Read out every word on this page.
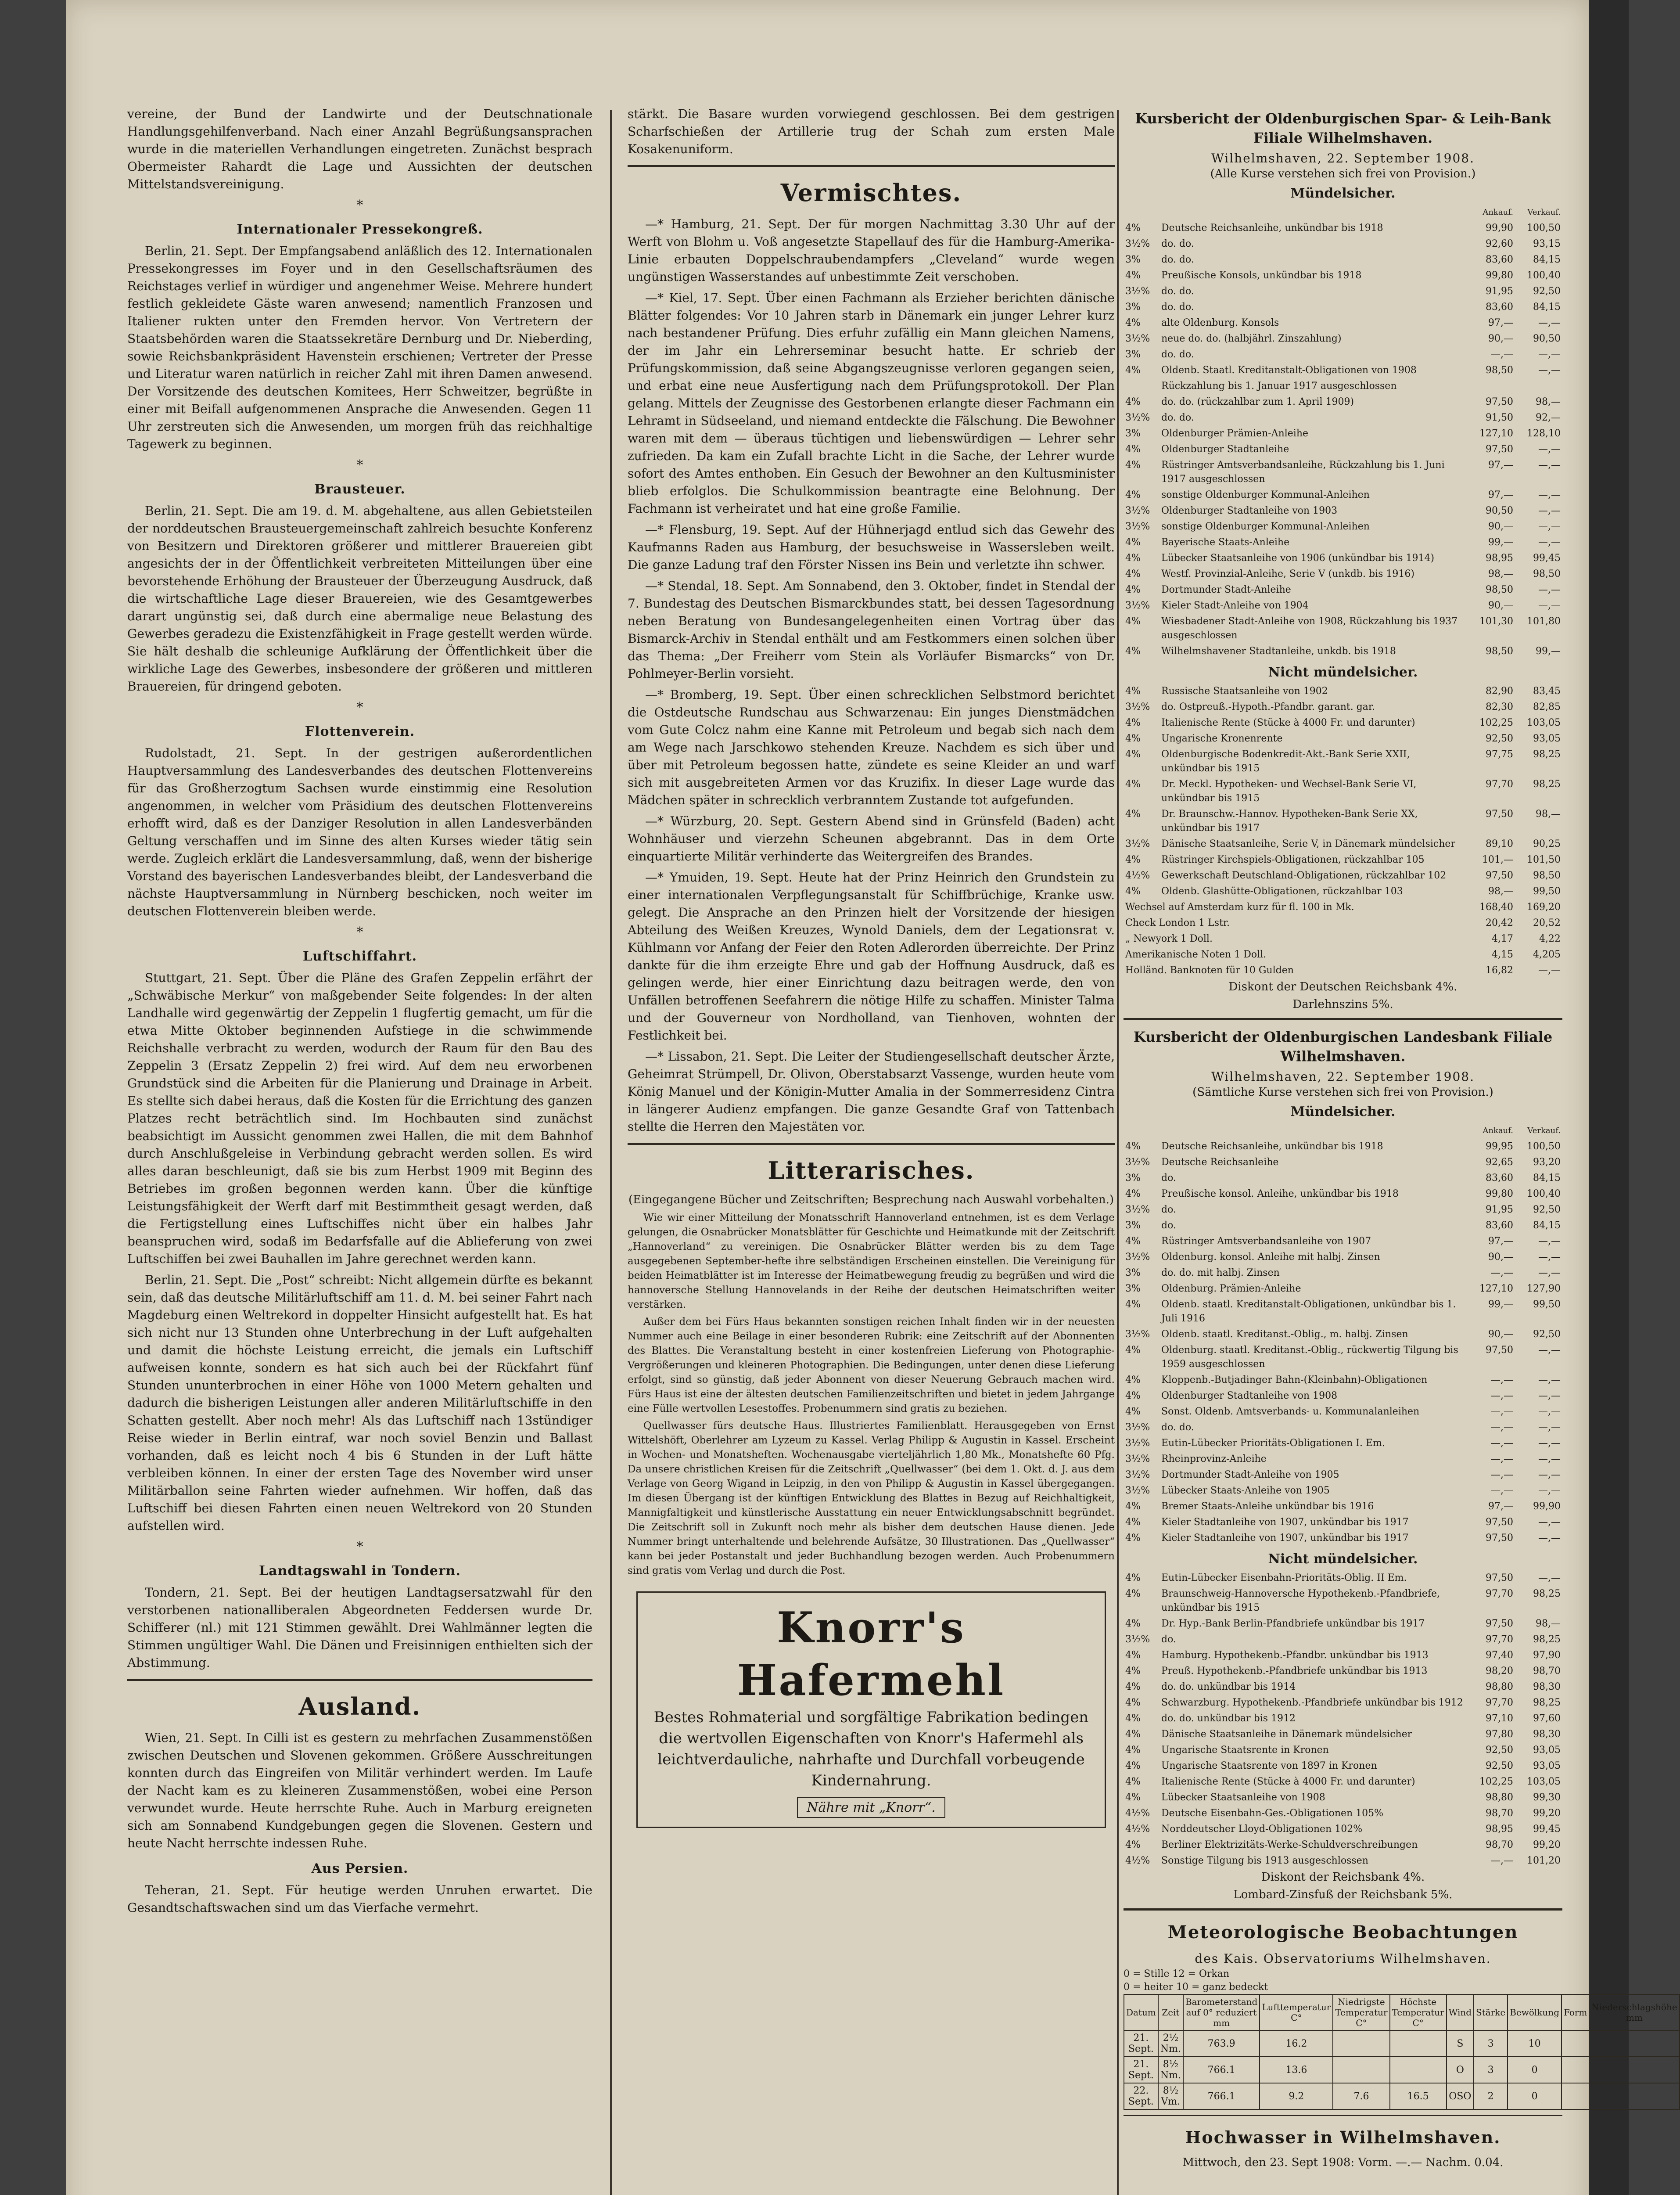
vereine, der Bund der Landwirte und der Deutschnationale Handlungsgehilfenverband. Nach einer Anzahl Begrüßungsansprachen wurde in die materiellen Verhandlungen eingetreten. Zunächst besprach Obermeister Rahardt die Lage und Aussichten der deutschen Mittelstandsvereinigung.

*
Internationaler Pressekongreß.

Berlin, 21. Sept. Der Empfangsabend anläßlich des 12. Internationalen Pressekongresses im Foyer und in den Gesellschaftsräumen des Reichstages verlief in würdiger und angenehmer Weise. Mehrere hundert festlich gekleidete Gäste waren anwesend; namentlich Franzosen und Italiener rukten unter den Fremden hervor. Von Vertretern der Staatsbehörden waren die Staatssekretäre Dernburg und Dr. Nieberding, sowie Reichsbankpräsident Havenstein erschienen; Vertreter der Presse und Literatur waren natürlich in reicher Zahl mit ihren Damen anwesend. Der Vorsitzende des deutschen Komitees, Herr Schweitzer, begrüßte in einer mit Beifall aufgenommenen Ansprache die Anwesenden. Gegen 11 Uhr zerstreuten sich die Anwesenden, um morgen früh das reichhaltige Tagewerk zu beginnen.

*
Brausteuer.

Berlin, 21. Sept. Die am 19. d. M. abgehaltene, aus allen Gebietsteilen der norddeutschen Brausteuergemeinschaft zahlreich besuchte Konferenz von Besitzern und Direktoren größerer und mittlerer Brauereien gibt angesichts der in der Öffentlichkeit verbreiteten Mitteilungen über eine bevorstehende Erhöhung der Brausteuer der Überzeugung Ausdruck, daß die wirtschaftliche Lage dieser Brauereien, wie des Gesamtgewerbes darart ungünstig sei, daß durch eine abermalige neue Belastung des Gewerbes geradezu die Existenzfähigkeit in Frage gestellt werden würde. Sie hält deshalb die schleunige Aufklärung der Öffentlichkeit über die wirkliche Lage des Gewerbes, insbesondere der größeren und mittleren Brauereien, für dringend geboten.

*
Flottenverein.

Rudolstadt, 21. Sept. In der gestrigen außerordentlichen Hauptversammlung des Landesverbandes des deutschen Flottenvereins für das Großherzogtum Sachsen wurde einstimmig eine Resolution angenommen, in welcher vom Präsidium des deutschen Flottenvereins erhofft wird, daß es der Danziger Resolution in allen Landesverbänden Geltung verschaffen und im Sinne des alten Kurses wieder tätig sein werde. Zugleich erklärt die Landesversammlung, daß, wenn der bisherige Vorstand des bayerischen Landesverbandes bleibt, der Landesverband die nächste Hauptversammlung in Nürnberg beschicken, noch weiter im deutschen Flottenverein bleiben werde.

*
Luftschiffahrt.

Stuttgart, 21. Sept. Über die Pläne des Grafen Zeppelin erfährt der „Schwäbische Merkur“ von maßgebender Seite folgendes: In der alten Landhalle wird gegenwärtig der Zeppelin 1 flugfertig gemacht, um für die etwa Mitte Oktober beginnenden Aufstiege in die schwimmende Reichshalle verbracht zu werden, wodurch der Raum für den Bau des Zeppelin 3 (Ersatz Zeppelin 2) frei wird. Auf dem neu erworbenen Grundstück sind die Arbeiten für die Planierung und Drainage in Arbeit. Es stellte sich dabei heraus, daß die Kosten für die Errichtung des ganzen Platzes recht beträchtlich sind. Im Hochbauten sind zunächst beabsichtigt im Aussicht genommen zwei Hallen, die mit dem Bahnhof durch Anschlußgeleise in Verbindung gebracht werden sollen. Es wird alles daran beschleunigt, daß sie bis zum Herbst 1909 mit Beginn des Betriebes im großen begonnen werden kann. Über die künftige Leistungsfähigkeit der Werft darf mit Bestimmtheit gesagt werden, daß die Fertigstellung eines Luftschiffes nicht über ein halbes Jahr beanspruchen wird, sodaß im Bedarfsfalle auf die Ablieferung von zwei Luftschiffen bei zwei Bauhallen im Jahre gerechnet werden kann.

Berlin, 21. Sept. Die „Post“ schreibt: Nicht allgemein dürfte es bekannt sein, daß das deutsche Militärluftschiff am 11. d. M. bei seiner Fahrt nach Magdeburg einen Weltrekord in doppelter Hinsicht aufgestellt hat. Es hat sich nicht nur 13 Stunden ohne Unterbrechung in der Luft aufgehalten und damit die höchste Leistung erreicht, die jemals ein Luftschiff aufweisen konnte, sondern es hat sich auch bei der Rückfahrt fünf Stunden ununterbrochen in einer Höhe von 1000 Metern gehalten und dadurch die bisherigen Leistungen aller anderen Militärluftschiffe in den Schatten gestellt. Aber noch mehr! Als das Luftschiff nach 13stündiger Reise wieder in Berlin eintraf, war noch soviel Benzin und Ballast vorhanden, daß es leicht noch 4 bis 6 Stunden in der Luft hätte verbleiben können. In einer der ersten Tage des November wird unser Militärballon seine Fahrten wieder aufnehmen. Wir hoffen, daß das Luftschiff bei diesen Fahrten einen neuen Weltrekord von 20 Stunden aufstellen wird.

*
Landtagswahl in Tondern.

Tondern, 21. Sept. Bei der heutigen Landtagsersatzwahl für den verstorbenen nationalliberalen Abgeordneten Feddersen wurde Dr. Schifferer (nl.) mit 121 Stimmen gewählt. Drei Wahlmänner legten die Stimmen ungültiger Wahl. Die Dänen und Freisinnigen enthielten sich der Abstimmung.

Ausland.

Wien, 21. Sept. In Cilli ist es gestern zu mehrfachen Zusammenstößen zwischen Deutschen und Slovenen gekommen. Größere Ausschreitungen konnten durch das Eingreifen von Militär verhindert werden. Im Laufe der Nacht kam es zu kleineren Zusammenstößen, wobei eine Person verwundet wurde. Heute herrschte Ruhe. Auch in Marburg ereigneten sich am Sonnabend Kundgebungen gegen die Slovenen. Gestern und heute Nacht herrschte indessen Ruhe.

Aus Persien.

Teheran, 21. Sept. Für heutige werden Unruhen erwartet. Die Gesandtschaftswachen sind um das Vierfache vermehrt.

stärkt. Die Basare wurden vorwiegend geschlossen. Bei dem gestrigen Scharfschießen der Artillerie trug der Schah zum ersten Male Kosakenuniform.

Vermischtes.

—* Hamburg, 21. Sept. Der für morgen Nachmittag 3.30 Uhr auf der Werft von Blohm u. Voß angesetzte Stapellauf des für die Hamburg-Amerika-Linie erbauten Doppelschraubendampfers „Cleveland“ wurde wegen ungünstigen Wasserstandes auf unbestimmte Zeit verschoben.

—* Kiel, 17. Sept. Über einen Fachmann als Erzieher berichten dänische Blätter folgendes: Vor 10 Jahren starb in Dänemark ein junger Lehrer kurz nach bestandener Prüfung. Dies erfuhr zufällig ein Mann gleichen Namens, der im Jahr ein Lehrerseminar besucht hatte. Er schrieb der Prüfungskommission, daß seine Abgangszeugnisse verloren gegangen seien, und erbat eine neue Ausfertigung nach dem Prüfungsprotokoll. Der Plan gelang. Mittels der Zeugnisse des Gestorbenen erlangte dieser Fachmann ein Lehramt in Südseeland, und niemand entdeckte die Fälschung. Die Bewohner waren mit dem — überaus tüchtigen und liebenswürdigen — Lehrer sehr zufrieden. Da kam ein Zufall brachte Licht in die Sache, der Lehrer wurde sofort des Amtes enthoben. Ein Gesuch der Bewohner an den Kultusminister blieb erfolglos. Die Schulkommission beantragte eine Belohnung. Der Fachmann ist verheiratet und hat eine große Familie.

—* Flensburg, 19. Sept. Auf der Hühnerjagd entlud sich das Gewehr des Kaufmanns Raden aus Hamburg, der besuchsweise in Wassersleben weilt. Die ganze Ladung traf den Förster Nissen ins Bein und verletzte ihn schwer.

—* Stendal, 18. Sept. Am Sonnabend, den 3. Oktober, findet in Stendal der 7. Bundestag des Deutschen Bismarckbundes statt, bei dessen Tagesordnung neben Beratung von Bundesangelegenheiten einen Vortrag über das Bismarck-Archiv in Stendal enthält und am Festkommers einen solchen über das Thema: „Der Freiherr vom Stein als Vorläufer Bismarcks“ von Dr. Pohlmeyer-Berlin vorsieht.

—* Bromberg, 19. Sept. Über einen schrecklichen Selbstmord berichtet die Ostdeutsche Rundschau aus Schwarzenau: Ein junges Dienstmädchen vom Gute Colcz nahm eine Kanne mit Petroleum und begab sich nach dem am Wege nach Jarschkowo stehenden Kreuze. Nachdem es sich über und über mit Petroleum begossen hatte, zündete es seine Kleider an und warf sich mit ausgebreiteten Armen vor das Kruzifix. In dieser Lage wurde das Mädchen später in schrecklich verbranntem Zustande tot aufgefunden.

—* Würzburg, 20. Sept. Gestern Abend sind in Grünsfeld (Baden) acht Wohnhäuser und vierzehn Scheunen abgebrannt. Das in dem Orte einquartierte Militär verhinderte das Weitergreifen des Brandes.

—* Ymuiden, 19. Sept. Heute hat der Prinz Heinrich den Grundstein zu einer internationalen Verpflegungsanstalt für Schiffbrüchige, Kranke usw. gelegt. Die Ansprache an den Prinzen hielt der Vorsitzende der hiesigen Abteilung des Weißen Kreuzes, Wynold Daniels, dem der Legationsrat v. Kühlmann vor Anfang der Feier den Roten Adlerorden überreichte. Der Prinz dankte für die ihm erzeigte Ehre und gab der Hoffnung Ausdruck, daß es gelingen werde, hier einer Einrichtung dazu beitragen werde, den von Unfällen betroffenen Seefahrern die nötige Hilfe zu schaffen. Minister Talma und der Gouverneur von Nordholland, van Tienhoven, wohnten der Festlichkeit bei.

—* Lissabon, 21. Sept. Die Leiter der Studiengesellschaft deutscher Ärzte, Geheimrat Strümpell, Dr. Olivon, Oberstabsarzt Vassenge, wurden heute vom König Manuel und der Königin-Mutter Amalia in der Sommerresidenz Cintra in längerer Audienz empfangen. Die ganze Gesandte Graf von Tattenbach stellte die Herren den Majestäten vor.

Litterarisches.
(Eingegangene Bücher und Zeitschriften; Besprechung nach Auswahl vorbehalten.)

Wie wir einer Mitteilung der Monatsschrift Hannoverland entnehmen, ist es dem Verlage gelungen, die Osnabrücker Monatsblätter für Geschichte und Heimatkunde mit der Zeitschrift „Hannoverland“ zu vereinigen. Die Osnabrücker Blätter werden bis zu dem Tage ausgegebenen September-hefte ihre selbständigen Erscheinen einstellen. Die Vereinigung für beiden Heimatblätter ist im Interesse der Heimatbewegung freudig zu begrüßen und wird die hannoversche Stellung Hannovelands in der Reihe der deutschen Heimatschriften weiter verstärken.

Außer dem bei Fürs Haus bekannten sonstigen reichen Inhalt finden wir in der neuesten Nummer auch eine Beilage in einer besonderen Rubrik: eine Zeitschrift auf der Abonnenten des Blattes. Die Veranstaltung besteht in einer kostenfreien Lieferung von Photographie-Vergrößerungen und kleineren Photographien. Die Bedingungen, unter denen diese Lieferung erfolgt, sind so günstig, daß jeder Abonnent von dieser Neuerung Gebrauch machen wird. Fürs Haus ist eine der ältesten deutschen Familienzeitschriften und bietet in jedem Jahrgange eine Fülle wertvollen Lesestoffes. Probenummern sind gratis zu beziehen.

Quellwasser fürs deutsche Haus. Illustriertes Familienblatt. Herausgegeben von Ernst Wittelshöft, Oberlehrer am Lyzeum zu Kassel. Verlag Philipp & Augustin in Kassel. Erscheint in Wochen- und Monatsheften. Wochenausgabe vierteljährlich 1,80 Mk., Monatshefte 60 Pfg. Da unsere christlichen Kreisen für die Zeitschrift „Quellwasser“ (bei dem 1. Okt. d. J. aus dem Verlage von Georg Wigand in Leipzig, in den von Philipp & Augustin in Kassel übergegangen. Im diesen Übergang ist der künftigen Entwicklung des Blattes in Bezug auf Reichhaltigkeit, Mannigfaltigkeit und künstlerische Ausstattung ein neuer Entwicklungsabschnitt begründet. Die Zeitschrift soll in Zukunft noch mehr als bisher dem deutschen Hause dienen. Jede Nummer bringt unterhaltende und belehrende Aufsätze, 30 Illustrationen. Das „Quellwasser“ kann bei jeder Postanstalt und jeder Buchhandlung bezogen werden. Auch Probenummern sind gratis vom Verlag und durch die Post.

Knorr's
Hafermehl
Bestes Rohmaterial und sorgfältige Fabrikation bedingen die wertvollen Eigenschaften von Knorr's Hafermehl als leichtverdauliche, nahrhafte und Durchfall vorbeugende Kindernahrung.
Nähre mit „Knorr“.
Kursbericht der Oldenburgischen Spar- & Leih-Bank Filiale Wilhelmshaven.
Wilhelmshaven, 22. September 1908.
(Alle Kurse verstehen sich frei von Provision.)
Mündelsicher.
		Ankauf.	Verkauf.
4%	Deutsche Reichsanleihe, unkündbar bis 1918	99,90	100,50
3½%	do. do.	92,60	93,15
3%	do. do.	83,60	84,15
4%	Preußische Konsols, unkündbar bis 1918	99,80	100,40
3½%	do. do.	91,95	92,50
3%	do. do.	83,60	84,15
4%	alte Oldenburg. Konsols	97,—	—,—
3½%	neue do. do. (halbjährl. Zinszahlung)	90,—	90,50
3%	do. do.	—,—	—,—
4%	Oldenb. Staatl. Kreditanstalt-Obligationen von 1908	98,50	—,—
	Rückzahlung bis 1. Januar 1917 ausgeschlossen		
4%	do. do. (rückzahlbar zum 1. April 1909)	97,50	98,—
3½%	do. do.	91,50	92,—
3%	Oldenburger Prämien-Anleihe	127,10	128,10
4%	Oldenburger Stadtanleihe	97,50	—,—
4%	Rüstringer Amtsverbandsanleihe, Rückzahlung bis 1. Juni 1917 ausgeschlossen	97,—	—,—
4%	sonstige Oldenburger Kommunal-Anleihen	97,—	—,—
3½%	Oldenburger Stadtanleihe von 1903	90,50	—,—
3½%	sonstige Oldenburger Kommunal-Anleihen	90,—	—,—
4%	Bayerische Staats-Anleihe	99,—	—,—
4%	Lübecker Staatsanleihe von 1906 (unkündbar bis 1914)	98,95	99,45
4%	Westf. Provinzial-Anleihe, Serie V (unkdb. bis 1916)	98,—	98,50
4%	Dortmunder Stadt-Anleihe	98,50	—,—
3½%	Kieler Stadt-Anleihe von 1904	90,—	—,—
4%	Wiesbadener Stadt-Anleihe von 1908, Rückzahlung bis 1937 ausgeschlossen	101,30	101,80
4%	Wilhelmshavener Stadtanleihe, unkdb. bis 1918	98,50	99,—
Nicht mündelsicher.
4%	Russische Staatsanleihe von 1902	82,90	83,45
3½%	do. Ostpreuß.-Hypoth.-Pfandbr. garant. gar.	82,30	82,85
4%	Italienische Rente (Stücke à 4000 Fr. und darunter)	102,25	103,05
4%	Ungarische Kronenrente	92,50	93,05
4%	Oldenburgische Bodenkredit-Akt.-Bank Serie XXII, unkündbar bis 1915	97,75	98,25
4%	Dr. Meckl. Hypotheken- und Wechsel-Bank Serie VI, unkündbar bis 1915	97,70	98,25
4%	Dr. Braunschw.-Hannov. Hypotheken-Bank Serie XX, unkündbar bis 1917	97,50	98,—
3½%	Dänische Staatsanleihe, Serie V, in Dänemark mündelsicher	89,10	90,25
4%	Rüstringer Kirchspiels-Obligationen, rückzahlbar 105	101,—	101,50
4½%	Gewerkschaft Deutschland-Obligationen, rückzahlbar 102	97,50	98,50
4%	Oldenb. Glashütte-Obligationen, rückzahlbar 103	98,—	99,50
Wechsel auf Amsterdam kurz für fl. 100 in Mk.	168,40	169,20
Check London 1 Lstr.	20,42	20,52
„ Newyork 1 Doll.	4,17	4,22
Amerikanische Noten 1 Doll.	4,15	4,205
Holländ. Banknoten für 10 Gulden	16,82	—,—
Diskont der Deutschen Reichsbank 4%.
Darlehnszins 5%.
Kursbericht der Oldenburgischen Landesbank Filiale Wilhelmshaven.
Wilhelmshaven, 22. September 1908.
(Sämtliche Kurse verstehen sich frei von Provision.)
Mündelsicher.
		Ankauf.	Verkauf.
4%	Deutsche Reichsanleihe, unkündbar bis 1918	99,95	100,50
3½%	Deutsche Reichsanleihe	92,65	93,20
3%	do.	83,60	84,15
4%	Preußische konsol. Anleihe, unkündbar bis 1918	99,80	100,40
3½%	do.	91,95	92,50
3%	do.	83,60	84,15
4%	Rüstringer Amtsverbandsanleihe von 1907	97,—	—,—
3½%	Oldenburg. konsol. Anleihe mit halbj. Zinsen	90,—	—,—
3%	do. do. mit halbj. Zinsen	—,—	—,—
3%	Oldenburg. Prämien-Anleihe	127,10	127,90
4%	Oldenb. staatl. Kreditanstalt-Obligationen, unkündbar bis 1. Juli 1916	99,—	99,50
3½%	Oldenb. staatl. Kreditanst.-Oblig., m. halbj. Zinsen	90,—	92,50
4%	Oldenburg. staatl. Kreditanst.-Oblig., rückwertig Tilgung bis 1959 ausgeschlossen	97,50	—,—
4%	Kloppenb.-Butjadinger Bahn-(Kleinbahn)-Obligationen	—,—	—,—
4%	Oldenburger Stadtanleihe von 1908	—,—	—,—
4%	Sonst. Oldenb. Amtsverbands- u. Kommunalanleihen	—,—	—,—
3½%	do. do.	—,—	—,—
3½%	Eutin-Lübecker Prioritäts-Obligationen I. Em.	—,—	—,—
3½%	Rheinprovinz-Anleihe	—,—	—,—
3½%	Dortmunder Stadt-Anleihe von 1905	—,—	—,—
3½%	Lübecker Staats-Anleihe von 1905	—,—	—,—
4%	Bremer Staats-Anleihe unkündbar bis 1916	97,—	99,90
4%	Kieler Stadtanleihe von 1907, unkündbar bis 1917	97,50	—,—
4%	Kieler Stadtanleihe von 1907, unkündbar bis 1917	97,50	—,—
Nicht mündelsicher.
4%	Eutin-Lübecker Eisenbahn-Prioritäts-Oblig. II Em.	97,50	—,—
4%	Braunschweig-Hannoversche Hypothekenb.-Pfandbriefe, unkündbar bis 1915	97,70	98,25
4%	Dr. Hyp.-Bank Berlin-Pfandbriefe unkündbar bis 1917	97,50	98,—
3½%	do.	97,70	98,25
4%	Hamburg. Hypothekenb.-Pfandbr. unkündbar bis 1913	97,40	97,90
4%	Preuß. Hypothekenb.-Pfandbriefe unkündbar bis 1913	98,20	98,70
4%	do. do. unkündbar bis 1914	98,80	98,30
4%	Schwarzburg. Hypothekenb.-Pfandbriefe unkündbar bis 1912	97,70	98,25
4%	do. do. unkündbar bis 1912	97,10	97,60
4%	Dänische Staatsanleihe in Dänemark mündelsicher	97,80	98,30
4%	Ungarische Staatsrente in Kronen	92,50	93,05
4%	Ungarische Staatsrente von 1897 in Kronen	92,50	93,05
4%	Italienische Rente (Stücke à 4000 Fr. und darunter)	102,25	103,05
4%	Lübecker Staatsanleihe von 1908	98,80	99,30
4½%	Deutsche Eisenbahn-Ges.-Obligationen 105%	98,70	99,20
4½%	Norddeutscher Lloyd-Obligationen 102%	98,95	99,45
4%	Berliner Elektrizitäts-Werke-Schuldverschreibungen	98,70	99,20
4½%	Sonstige Tilgung bis 1913 ausgeschlossen	—,—	101,20
Diskont der Reichsbank 4%.
Lombard-Zinsfuß der Reichsbank 5%.
Meteorologische Beobachtungen
des Kais. Observatoriums Wilhelmshaven.
0 = Stille 12 = Orkan
0 = heiter 10 = ganz bedeckt
Datum	Zeit	Barometerstand auf 0° reduziert mm	Lufttemperatur C°	Niedrigste Temperatur C°	Höchste Temperatur C°	Wind	Stärke	Bewölkung	Form	Niederschlagshöhe mm
21. Sept.	2½ Nm.	763.9	16.2			S	3	10		
21. Sept.	8½ Nm.	766.1	13.6			O	3	0		
22. Sept.	8½ Vm.	766.1	9.2	7.6	16.5	OSO	2	0		
Hochwasser in Wilhelmshaven.
Mittwoch, den 23. Sept 1908: Vorm. —.— Nachm. 0.04.
